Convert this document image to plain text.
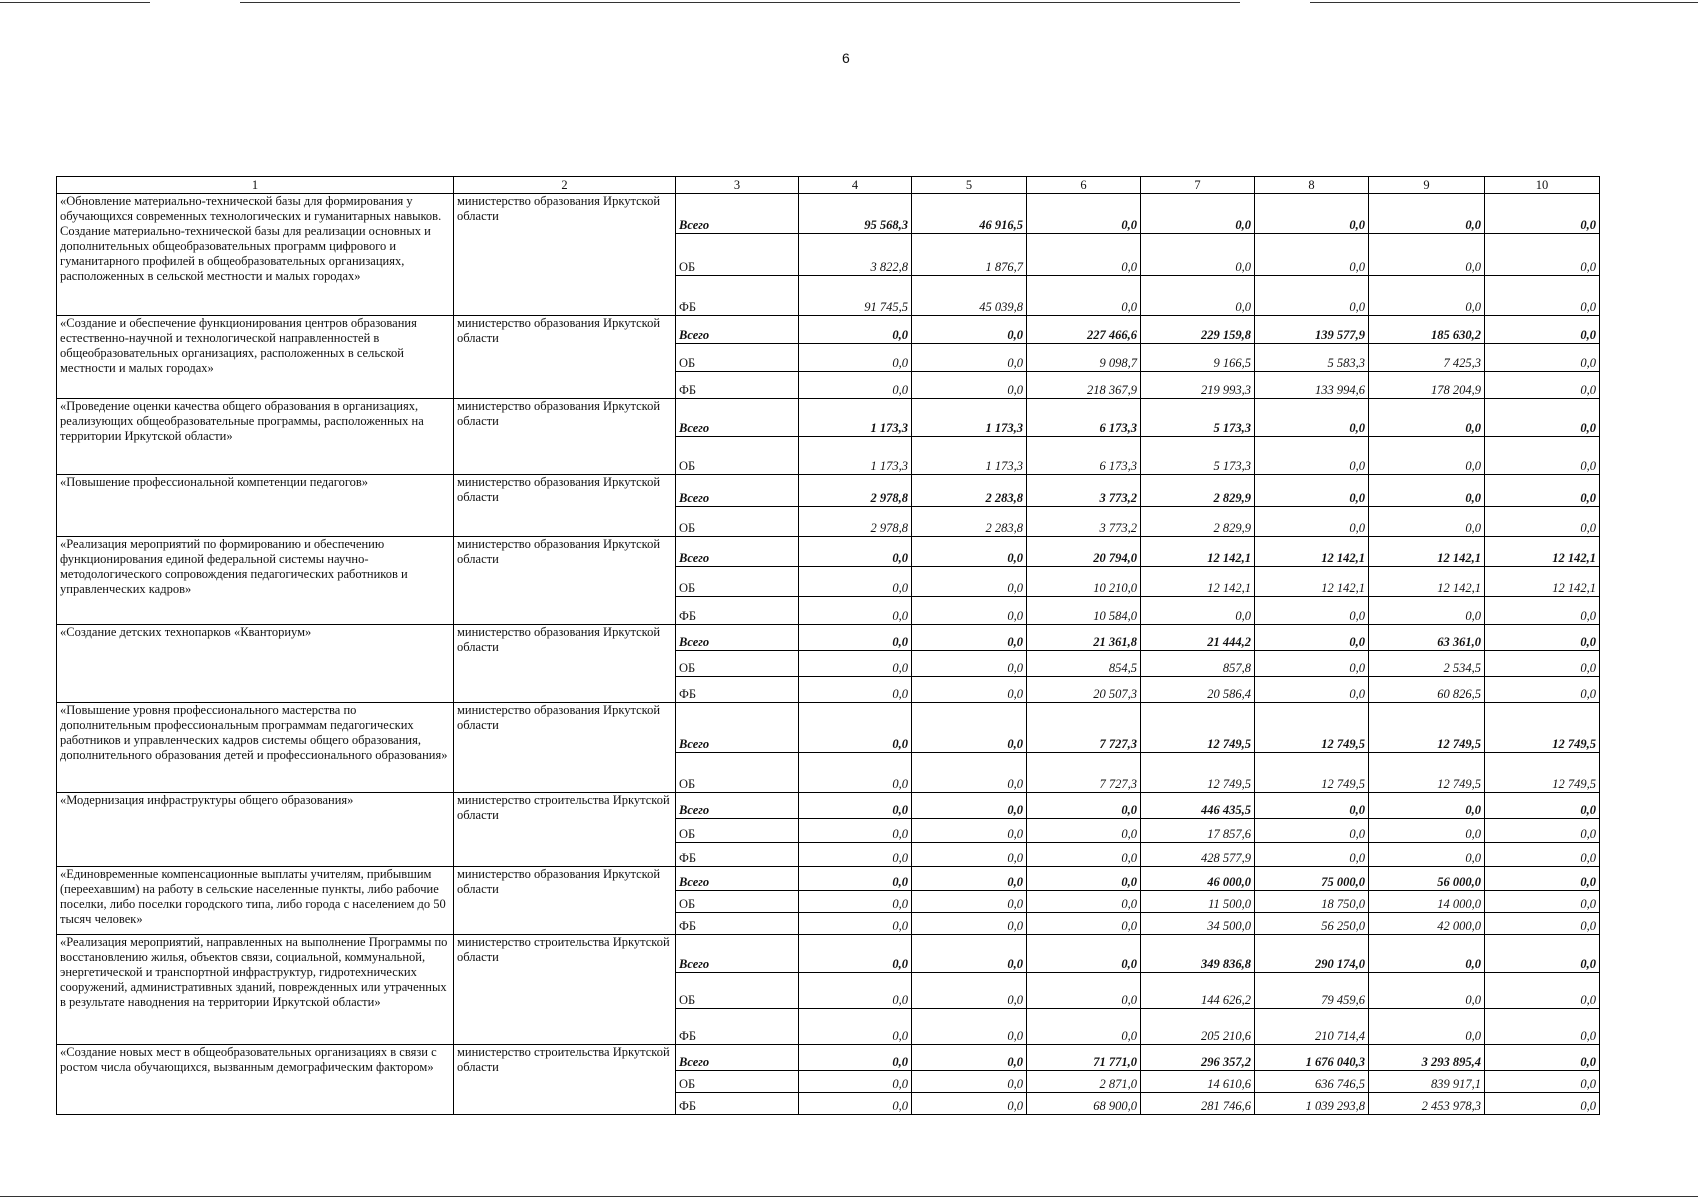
6
1	2	3	4	5	6	7	8	9	10
«Обновление материально-технической базы для формирования у обучающихся современных технологических и гуманитарных навыков. Создание материально-технической базы для реализации основных и дополнительных общеобразовательных программ цифрового и гуманитарного профилей в общеобразовательных организациях, расположенных в сельской местности и малых городах»	министерство образования Иркутской области	Всего	95 568,3	46 916,5	0,0	0,0	0,0	0,0	0,0
		ОБ	3 822,8	1 876,7	0,0	0,0	0,0	0,0	0,0
		ФБ	91 745,5	45 039,8	0,0	0,0	0,0	0,0	0,0
«Создание и обеспечение функционирования центров образования естественно-научной и технологической направленностей в общеобразовательных организациях, расположенных в сельской местности и малых городах»	министерство образования Иркутской области	Всего	0,0	0,0	227 466,6	229 159,8	139 577,9	185 630,2	0,0
		ОБ	0,0	0,0	9 098,7	9 166,5	5 583,3	7 425,3	0,0
		ФБ	0,0	0,0	218 367,9	219 993,3	133 994,6	178 204,9	0,0
«Проведение оценки качества общего образования в организациях, реализующих общеобразовательные программы, расположенных на территории Иркутской области»	министерство образования Иркутской области	Всего	1 173,3	1 173,3	6 173,3	5 173,3	0,0	0,0	0,0
		ОБ	1 173,3	1 173,3	6 173,3	5 173,3	0,0	0,0	0,0
«Повышение профессиональной компетенции педагогов»	министерство образования Иркутской области	Всего	2 978,8	2 283,8	3 773,2	2 829,9	0,0	0,0	0,0
		ОБ	2 978,8	2 283,8	3 773,2	2 829,9	0,0	0,0	0,0
«Реализация мероприятий по формированию и обеспечению функционирования единой федеральной системы научно-методологического сопровождения педагогических работников и управленческих кадров»	министерство образования Иркутской области	Всего	0,0	0,0	20 794,0	12 142,1	12 142,1	12 142,1	12 142,1
		ОБ	0,0	0,0	10 210,0	12 142,1	12 142,1	12 142,1	12 142,1
		ФБ	0,0	0,0	10 584,0	0,0	0,0	0,0	0,0
«Создание детских технопарков «Кванториум»	министерство образования Иркутской области	Всего	0,0	0,0	21 361,8	21 444,2	0,0	63 361,0	0,0
		ОБ	0,0	0,0	854,5	857,8	0,0	2 534,5	0,0
		ФБ	0,0	0,0	20 507,3	20 586,4	0,0	60 826,5	0,0
«Повышение уровня профессионального мастерства по дополнительным профессиональным программам педагогических работников и управленческих кадров системы общего образования, дополнительного образования детей и профессионального образования»	министерство образования Иркутской области	Всего	0,0	0,0	7 727,3	12 749,5	12 749,5	12 749,5	12 749,5
		ОБ	0,0	0,0	7 727,3	12 749,5	12 749,5	12 749,5	12 749,5
«Модернизация инфраструктуры общего образования»	министерство строительства Иркутской области	Всего	0,0	0,0	0,0	446 435,5	0,0	0,0	0,0
		ОБ	0,0	0,0	0,0	17 857,6	0,0	0,0	0,0
		ФБ	0,0	0,0	0,0	428 577,9	0,0	0,0	0,0
«Единовременные компенсационные выплаты учителям, прибывшим (переехавшим) на работу в сельские населенные пункты, либо рабочие поселки, либо поселки городского типа, либо города с населением до 50 тысяч человек»	министерство образования Иркутской области	Всего	0,0	0,0	0,0	46 000,0	75 000,0	56 000,0	0,0
		ОБ	0,0	0,0	0,0	11 500,0	18 750,0	14 000,0	0,0
		ФБ	0,0	0,0	0,0	34 500,0	56 250,0	42 000,0	0,0
«Реализация мероприятий, направленных на выполнение Программы по восстановлению жилья, объектов связи, социальной, коммунальной, энергетической и транспортной инфраструктур, гидротехнических сооружений, административных зданий, поврежденных или утраченных в результате наводнения на территории Иркутской области»	министерство строительства Иркутской области	Всего	0,0	0,0	0,0	349 836,8	290 174,0	0,0	0,0
		ОБ	0,0	0,0	0,0	144 626,2	79 459,6	0,0	0,0
		ФБ	0,0	0,0	0,0	205 210,6	210 714,4	0,0	0,0
«Создание новых мест в общеобразовательных организациях в связи с ростом числа обучающихся, вызванным демографическим фактором»	министерство строительства Иркутской области	Всего	0,0	0,0	71 771,0	296 357,2	1 676 040,3	3 293 895,4	0,0
		ОБ	0,0	0,0	2 871,0	14 610,6	636 746,5	839 917,1	0,0
		ФБ	0,0	0,0	68 900,0	281 746,6	1 039 293,8	2 453 978,3	0,0
